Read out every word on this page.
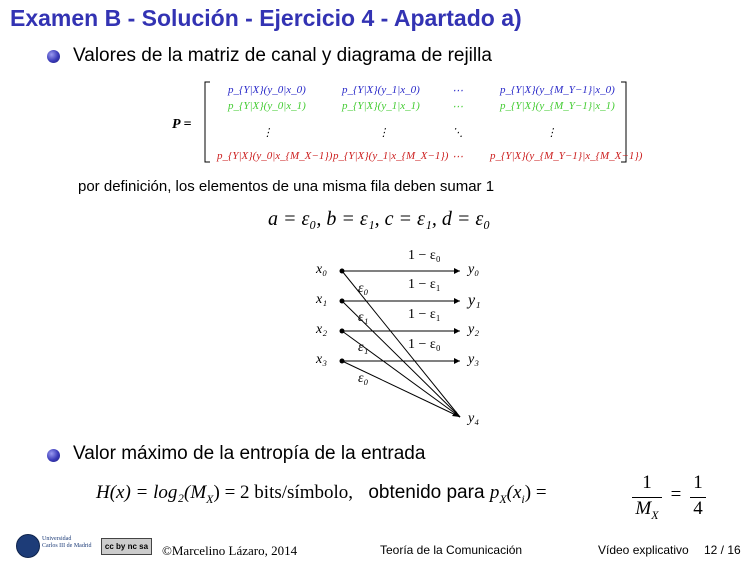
Examen B - Solución - Ejercicio 4 - Apartado a)
Valores de la matriz de canal y diagrama de rejilla
P =
p_{Y|X}(y_0|x_0)	p_{Y|X}(y_1|x_0)	⋯	p_{Y|X}(y_{M_Y−1}|x_0)
p_{Y|X}(y_0|x_1)	p_{Y|X}(y_1|x_1)	⋯	p_{Y|X}(y_{M_Y−1}|x_1)
⋮	⋮	⋱	⋮
p_{Y|X}(y_0|x_{M_X−1}) p_{Y|X}(y_1|x_{M_X−1}) ⋯ p_{Y|X}(y_{M_Y−1}|x_{M_X−1})
por definición, los elementos de una misma fila deben sumar 1
a = ε₀, b = ε₁, c = ε₁, d = ε₀
x₀
x₁
x₂
x₃
y₀
y₁
y₂
y₃
y₄
1 − ε₀
1 − ε₁
1 − ε₁
1 − ε₀
ε₀
ε₁
ε₁
ε₀
Valor máximo de la entropía de la entrada
$H(x) = \log_2(M_X) = 2$ bits/símbolo, obtenido para $p_X(x_i)$ =	1
$M_X$
=
1
4
Universidad
Carlos III de Madrid	cc by nc sa	©Marcelino Lázaro, 2014	Teoría de la Comunicación	Vídeo explicativo 12 / 16
